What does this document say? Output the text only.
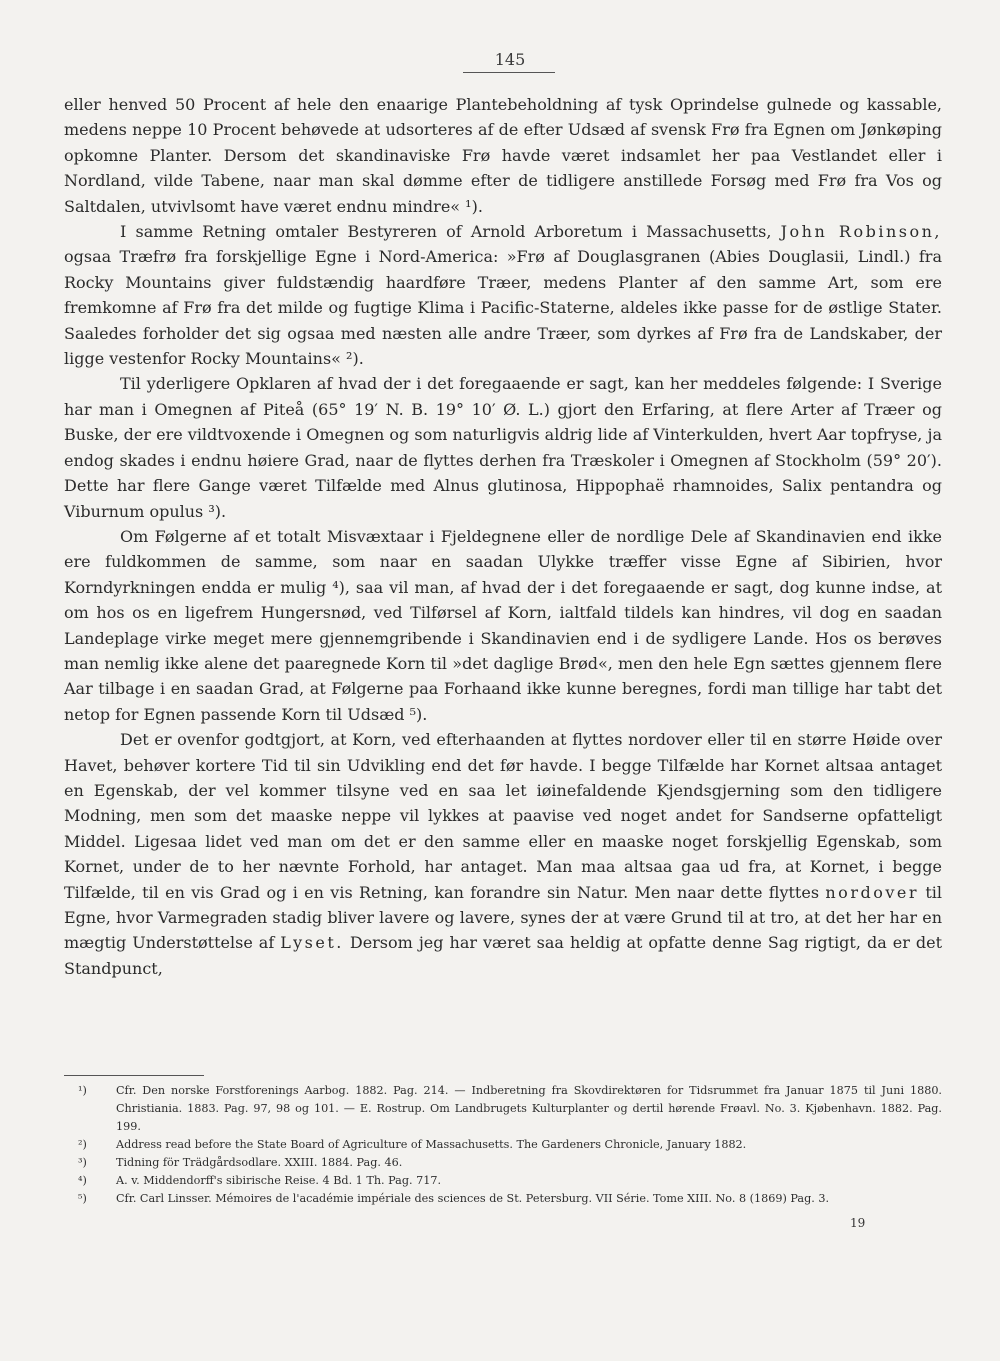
145

eller henved 50 Procent af hele den enaarige Plantebeholdning af tysk Oprindelse gulnede og kassable, medens neppe 10 Procent behøvede at udsorteres af de efter Udsæd af svensk Frø fra Egnen om Jønkøping opkomne Planter. Dersom det skandinaviske Frø havde været indsamlet her paa Vestlandet eller i Nordland, vilde Tabene, naar man skal dømme efter de tidligere anstillede Forsøg med Frø fra Vos og Saltdalen, utvivlsomt have været endnu mindre« ¹).

I samme Retning omtaler Bestyreren of Arnold Arboretum i Massachusetts, John Robinson, ogsaa Træfrø fra forskjellige Egne i Nord-America: »Frø af Douglasgranen (Abies Douglasii, Lindl.) fra Rocky Mountains giver fuldstændig haardføre Træer, medens Planter af den samme Art, som ere fremkomne af Frø fra det milde og fugtige Klima i Pacific-Staterne, aldeles ikke passe for de østlige Stater. Saaledes forholder det sig ogsaa med næsten alle andre Træer, som dyrkes af Frø fra de Landskaber, der ligge vestenfor Rocky Mountains« ²).

Til yderligere Opklaren af hvad der i det foregaaende er sagt, kan her meddeles følgende: I Sverige har man i Omegnen af Piteå (65° 19′ N. B. 19° 10′ Ø. L.) gjort den Erfaring, at flere Arter af Træer og Buske, der ere vildtvoxende i Omegnen og som naturligvis aldrig lide af Vinterkulden, hvert Aar topfryse, ja endog skades i endnu høiere Grad, naar de flyttes derhen fra Træskoler i Omegnen af Stockholm (59° 20′). Dette har flere Gange været Tilfælde med Alnus glutinosa, Hippophaë rhamnoides, Salix pentandra og Viburnum opulus ³).

Om Følgerne af et totalt Misvæxtaar i Fjeldegnene eller de nordlige Dele af Skandinavien end ikke ere fuldkommen de samme, som naar en saadan Ulykke træffer visse Egne af Sibirien, hvor Korndyrkningen endda er mulig ⁴), saa vil man, af hvad der i det foregaaende er sagt, dog kunne indse, at om hos os en ligefrem Hungersnød, ved Tilførsel af Korn, ialtfald tildels kan hindres, vil dog en saadan Landeplage virke meget mere gjennemgribende i Skandinavien end i de sydligere Lande. Hos os berøves man nemlig ikke alene det paaregnede Korn til »det daglige Brød«, men den hele Egn sættes gjennem flere Aar tilbage i en saadan Grad, at Følgerne paa Forhaand ikke kunne beregnes, fordi man tillige har tabt det netop for Egnen passende Korn til Udsæd ⁵).

Det er ovenfor godtgjort, at Korn, ved efterhaanden at flyttes nordover eller til en større Høide over Havet, behøver kortere Tid til sin Udvikling end det før havde. I begge Tilfælde har Kornet altsaa antaget en Egenskab, der vel kommer tilsyne ved en saa let iøinefaldende Kjendsgjerning som den tidligere Modning, men som det maaske neppe vil lykkes at paavise ved noget andet for Sandserne opfatteligt Middel. Ligesaa lidet ved man om det er den samme eller en maaske noget forskjellig Egenskab, som Kornet, under de to her nævnte Forhold, har antaget. Man maa altsaa gaa ud fra, at Kornet, i begge Tilfælde, til en vis Grad og i en vis Retning, kan forandre sin Natur. Men naar dette flyttes nordover til Egne, hvor Varmegraden stadig bliver lavere og lavere, synes der at være Grund til at tro, at det her har en mægtig Understøttelse af Lyset. Dersom jeg har været saa heldig at opfatte denne Sag rigtigt, da er det Standpunct,

¹)	Cfr. Den norske Forstforenings Aarbog. 1882. Pag. 214. — Indberetning fra Skovdirektøren for Tidsrummet fra Januar 1875 til Juni 1880. Christiania. 1883. Pag. 97, 98 og 101. — E. Rostrup. Om Landbrugets Kulturplanter og dertil hørende Frøavl. No. 3. Kjøbenhavn. 1882. Pag. 199.
²)	Address read before the State Board of Agriculture of Massachusetts. The Gardeners Chronicle, January 1882.
³)	Tidning för Trädgårdsodlare. XXIII. 1884. Pag. 46.
⁴)	A. v. Middendorff's sibirische Reise. 4 Bd. 1 Th. Pag. 717.
⁵)	Cfr. Carl Linsser. Mémoires de l'académie impériale des sciences de St. Petersburg. VII Série. Tome XIII. No. 8 (1869) Pag. 3.
19
